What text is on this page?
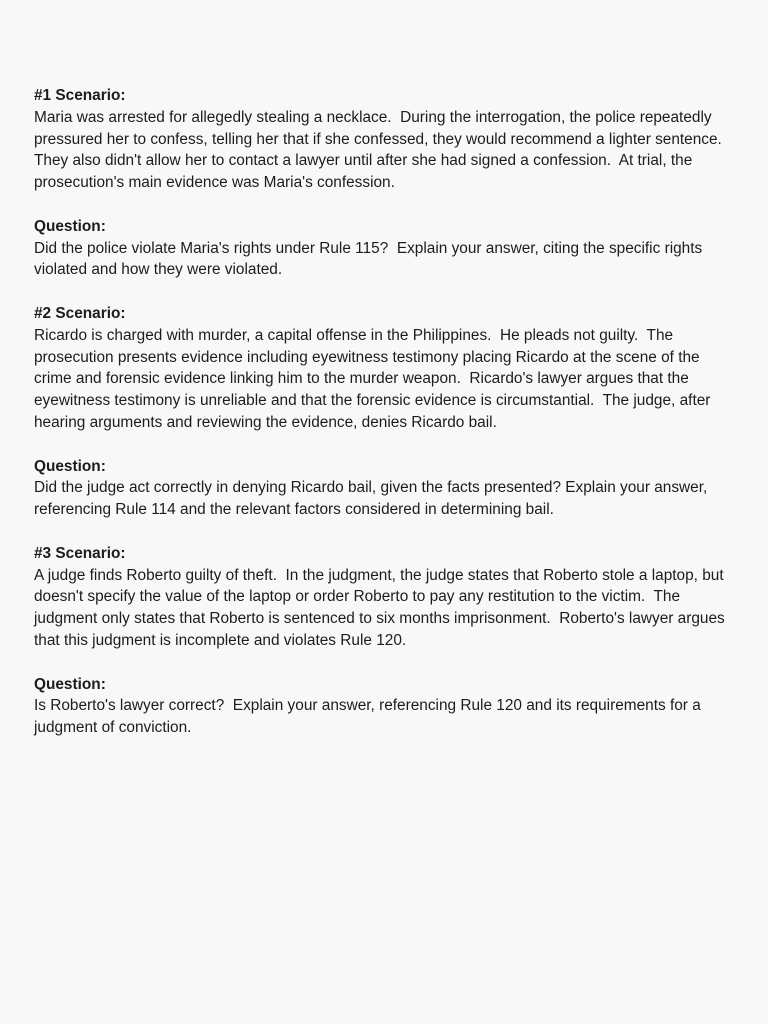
#1 Scenario:

Maria was arrested for allegedly stealing a necklace.  During the interrogation, the police repeatedly pressured her to confess, telling her that if she confessed, they would recommend a lighter sentence.  They also didn't allow her to contact a lawyer until after she had signed a confession.  At trial, the prosecution's main evidence was Maria's confession.

Question:

Did the police violate Maria's rights under Rule 115?  Explain your answer, citing the specific rights violated and how they were violated.

#2 Scenario:

Ricardo is charged with murder, a capital offense in the Philippines.  He pleads not guilty.  The prosecution presents evidence including eyewitness testimony placing Ricardo at the scene of the crime and forensic evidence linking him to the murder weapon.  Ricardo's lawyer argues that the eyewitness testimony is unreliable and that the forensic evidence is circumstantial.  The judge, after hearing arguments and reviewing the evidence, denies Ricardo bail.

Question:

Did the judge act correctly in denying Ricardo bail, given the facts presented? Explain your answer, referencing Rule 114 and the relevant factors considered in determining bail.

#3 Scenario:

A judge finds Roberto guilty of theft.  In the judgment, the judge states that Roberto stole a laptop, but doesn't specify the value of the laptop or order Roberto to pay any restitution to the victim.  The judgment only states that Roberto is sentenced to six months imprisonment.  Roberto's lawyer argues that this judgment is incomplete and violates Rule 120.

Question:

Is Roberto's lawyer correct?  Explain your answer, referencing Rule 120 and its requirements for a judgment of conviction.
